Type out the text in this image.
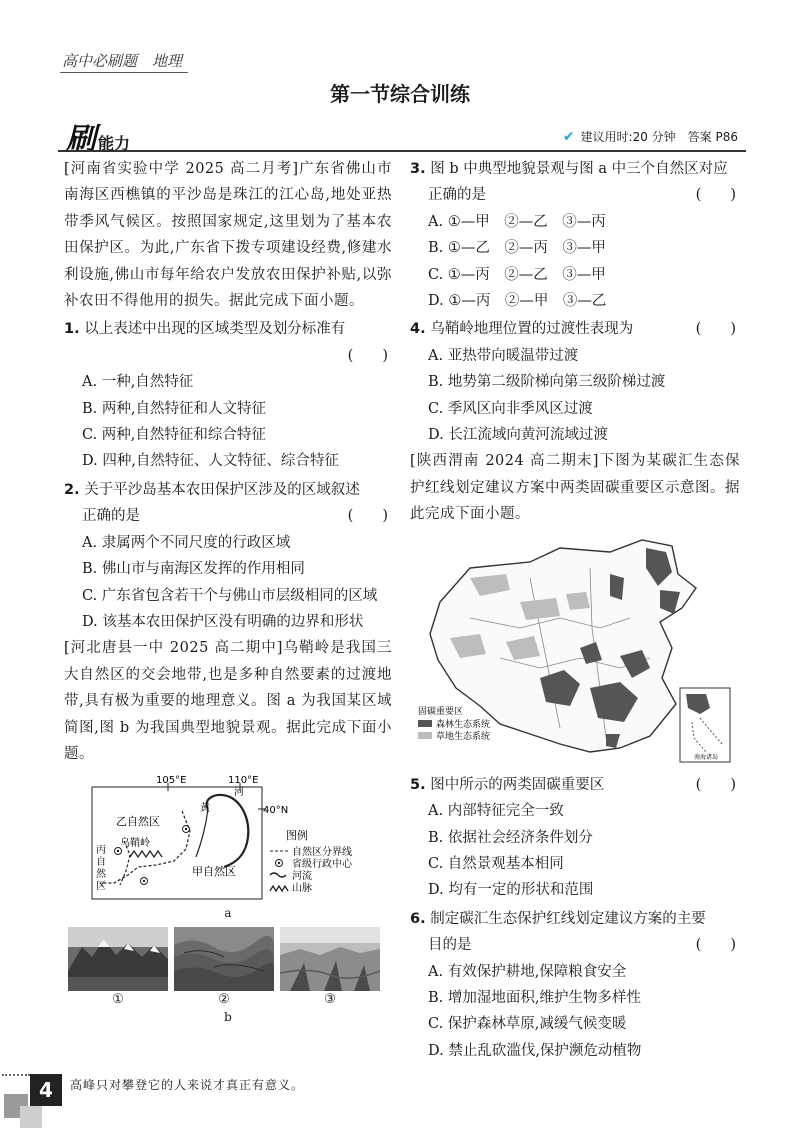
高中必刷题　地理
第一节综合训练
刷 能力	✔ 建议用时:20 分钟　答案 P86
[河南省实验中学 2025 高二月考]广东省佛山市南海区西樵镇的平沙岛是珠江的江心岛,地处亚热带季风气候区。按照国家规定,这里划为了基本农田保护区。为此,广东省下拨专项建设经费,修建水利设施,佛山市每年给农户发放农田保护补贴,以弥补农田不得他用的损失。据此完成下面小题。
1. 以上表述中出现的区域类型及划分标准有
(　　)
A. 一种,自然特征
B. 两种,自然特征和人文特征
C. 两种,自然特征和综合特征
D. 四种,自然特征、人文特征、综合特征
2. 关于平沙岛基本农田保护区涉及的区域叙述
正确的是	(　　)
A. 隶属两个不同尺度的行政区域
B. 佛山市与南海区发挥的作用相同
C. 广东省包含若干个与佛山市层级相同的区域
D. 该基本农田保护区没有明确的边界和形状
[河北唐县一中 2025 高二期中]乌鞘岭是我国三大自然区的交会地带,也是多种自然要素的过渡地带,具有极为重要的地理意义。图 a 为我国某区域简图,图 b 为我国典型地貌景观。据此完成下面小题。
105°E	110°E
40°N
乙自然区
甲自然区
乌鞘岭
河
黄
丙
自
然
区
图例
自然区分界线
省级行政中心
河流
山脉
a
①	②	③
b
3. 图 b 中典型地貌景观与图 a 中三个自然区对应
正确的是	(　　)
A. ①—甲　②—乙　③—丙
B. ①—乙　②—丙　③—甲
C. ①—丙　②—乙　③—甲
D. ①—丙　②—甲　③—乙
4. 乌鞘岭地理位置的过渡性表现为	(　　)
A. 亚热带向暖温带过渡
B. 地势第二级阶梯向第三级阶梯过渡
C. 季风区向非季风区过渡
D. 长江流域向黄河流域过渡
[陕西渭南 2024 高二期末]下图为某碳汇生态保护红线划定建议方案中两类固碳重要区示意图。据此完成下面小题。
固碳重要区
森林生态系统
草地生态系统
南海诸岛
5. 图中所示的两类固碳重要区	(　　)
A. 内部特征完全一致
B. 依据社会经济条件划分
C. 自然景观基本相同
D. 均有一定的形状和范围
6. 制定碳汇生态保护红线划定建议方案的主要
目的是	(　　)
A. 有效保护耕地,保障粮食安全
B. 增加湿地面积,维护生物多样性
C. 保护森林草原,减缓气候变暖
D. 禁止乱砍滥伐,保护濒危动植物
4	高峰只对攀登它的人来说才真正有意义。
